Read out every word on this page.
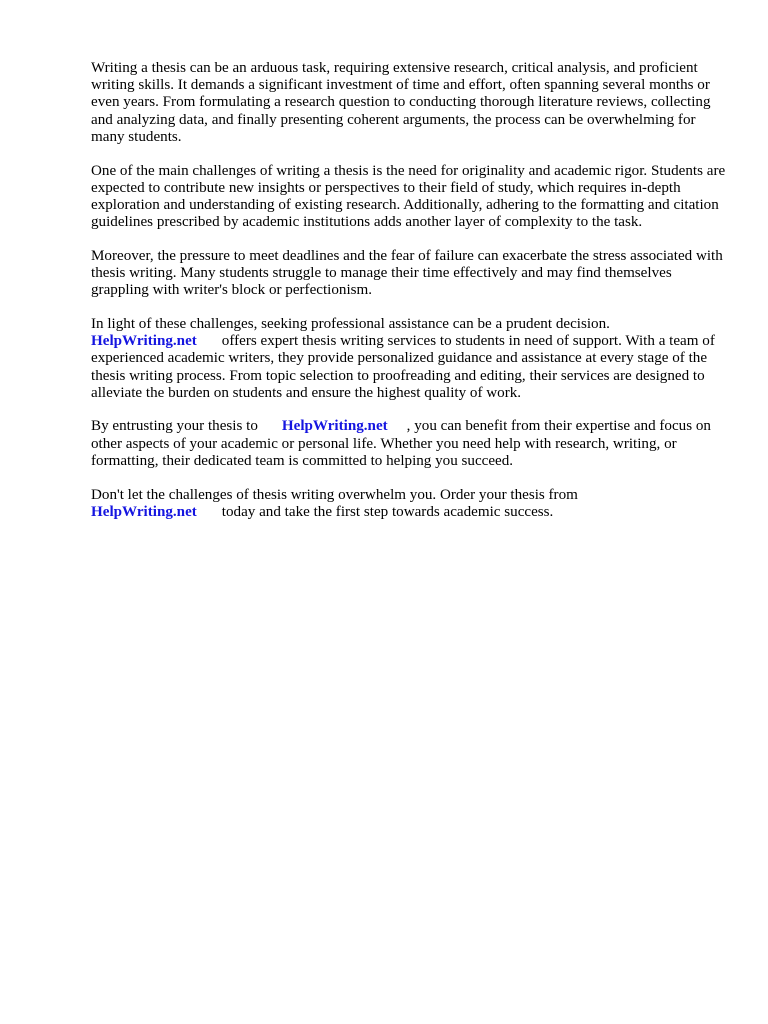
Writing a thesis can be an arduous task, requiring extensive research, critical analysis, and proficient writing skills. It demands a significant investment of time and effort, often spanning several months or even years. From formulating a research question to conducting thorough literature reviews, collecting and analyzing data, and finally presenting coherent arguments, the process can be overwhelming for many students.

One of the main challenges of writing a thesis is the need for originality and academic rigor. Students are expected to contribute new insights or perspectives to their field of study, which requires in-depth exploration and understanding of existing research. Additionally, adhering to the formatting and citation guidelines prescribed by academic institutions adds another layer of complexity to the task.

Moreover, the pressure to meet deadlines and the fear of failure can exacerbate the stress associated with thesis writing. Many students struggle to manage their time effectively and may find themselves grappling with writer's block or perfectionism.

In light of these challenges, seeking professional assistance can be a prudent decision.
HelpWriting.net offers expert thesis writing services to students in need of support. With a team of experienced academic writers, they provide personalized guidance and assistance at every stage of the thesis writing process. From topic selection to proofreading and editing, their services are designed to alleviate the burden on students and ensure the highest quality of work.

By entrusting your thesis to HelpWriting.net , you can benefit from their expertise and focus on other aspects of your academic or personal life. Whether you need help with research, writing, or formatting, their dedicated team is committed to helping you succeed.

Don't let the challenges of thesis writing overwhelm you. Order your thesis from
HelpWriting.net today and take the first step towards academic success.
